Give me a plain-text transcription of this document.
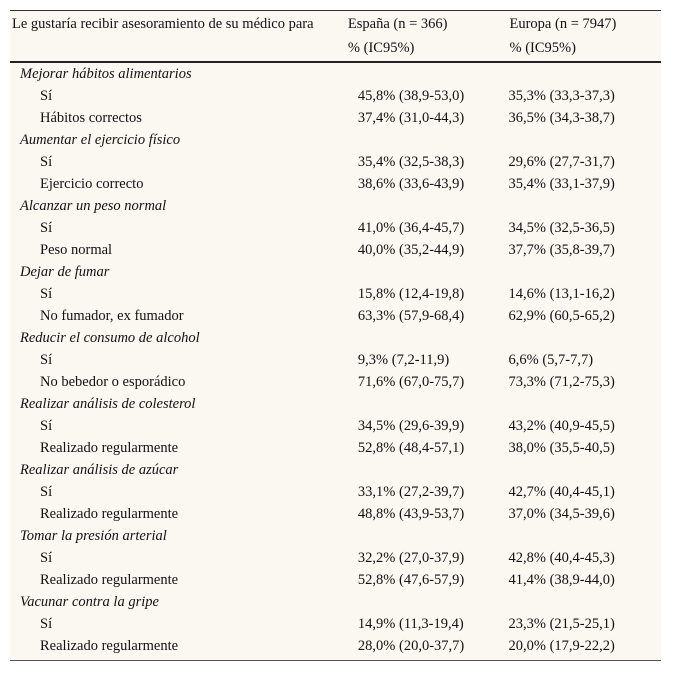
Le gustaría recibir asesoramiento de su médico para	España (n = 366)	Europa (n = 7947)
	% (IC95%)	% (IC95%)
Mejorar hábitos alimentarios		
Sí	45,8% (38,9-53,0)	35,3% (33,3-37,3)
Hábitos correctos	37,4% (31,0-44,3)	36,5% (34,3-38,7)
Aumentar el ejercicio físico		
Sí	35,4% (32,5-38,3)	29,6% (27,7-31,7)
Ejercicio correcto	38,6% (33,6-43,9)	35,4% (33,1-37,9)
Alcanzar un peso normal		
Sí	41,0% (36,4-45,7)	34,5% (32,5-36,5)
Peso normal	40,0% (35,2-44,9)	37,7% (35,8-39,7)
Dejar de fumar		
Sí	15,8% (12,4-19,8)	14,6% (13,1-16,2)
No fumador, ex fumador	63,3% (57,9-68,4)	62,9% (60,5-65,2)
Reducir el consumo de alcohol		
Sí	9,3% (7,2-11,9)	6,6% (5,7-7,7)
No bebedor o esporádico	71,6% (67,0-75,7)	73,3% (71,2-75,3)
Realizar análisis de colesterol		
Sí	34,5% (29,6-39,9)	43,2% (40,9-45,5)
Realizado regularmente	52,8% (48,4-57,1)	38,0% (35,5-40,5)
Realizar análisis de azúcar		
Sí	33,1% (27,2-39,7)	42,7% (40,4-45,1)
Realizado regularmente	48,8% (43,9-53,7)	37,0% (34,5-39,6)
Tomar la presión arterial		
Sí	32,2% (27,0-37,9)	42,8% (40,4-45,3)
Realizado regularmente	52,8% (47,6-57,9)	41,4% (38,9-44,0)
Vacunar contra la gripe		
Sí	14,9% (11,3-19,4)	23,3% (21,5-25,1)
Realizado regularmente	28,0% (20,0-37,7)	20,0% (17,9-22,2)
